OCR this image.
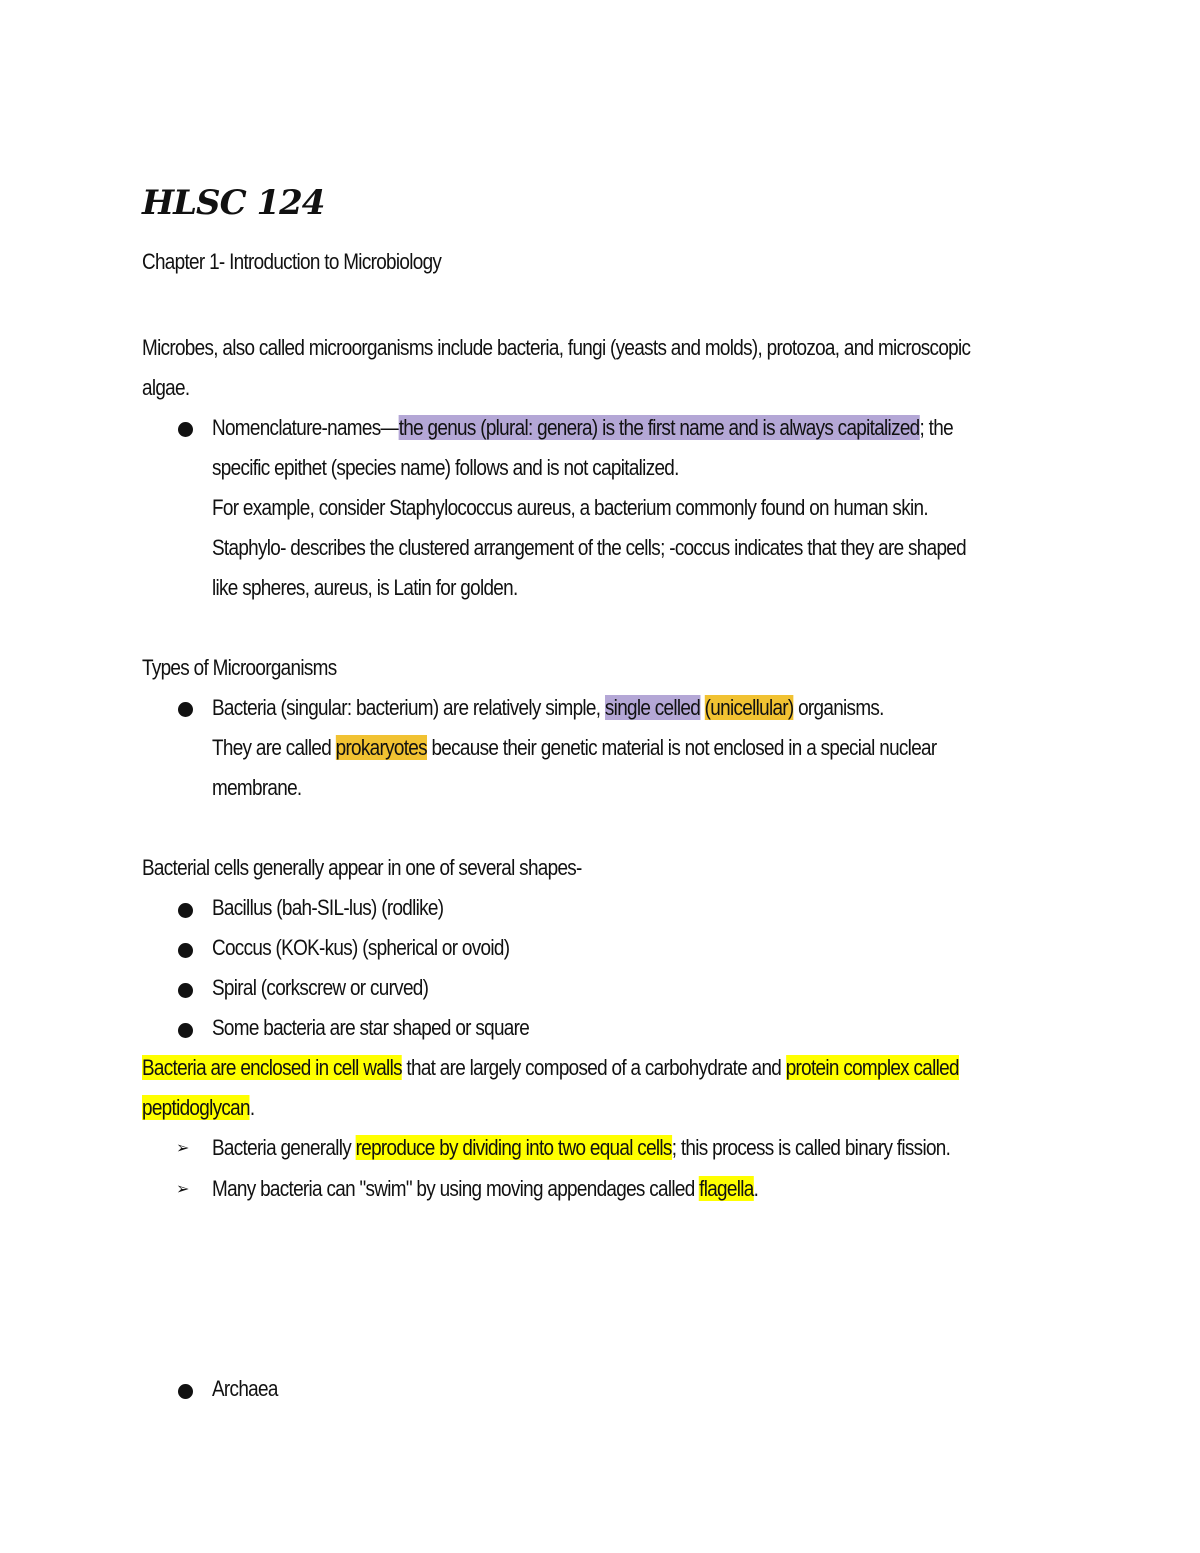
HLSC 124
Chapter 1- Introduction to Microbiology
Microbes, also called microorganisms include bacteria, fungi (yeasts and molds), protozoa, and microscopic
algae.
Nomenclature-names—the genus (plural: genera) is the first name and is always capitalized; the
specific epithet (species name) follows and is not capitalized.
For example, consider Staphylococcus aureus, a bacterium commonly found on human skin.
Staphylo- describes the clustered arrangement of the cells; -coccus indicates that they are shaped
like spheres, aureus, is Latin for golden.
Types of Microorganisms
Bacteria (singular: bacterium) are relatively simple, single celled (unicellular) organisms.
They are called prokaryotes because their genetic material is not enclosed in a special nuclear
membrane.
Bacterial cells generally appear in one of several shapes-
Bacillus (bah-SIL-lus) (rodlike)
Coccus (KOK-kus) (spherical or ovoid)
Spiral (corkscrew or curved)
Some bacteria are star shaped or square
Bacteria are enclosed in cell walls that are largely composed of a carbohydrate and protein complex called
peptidoglycan.
➢ Bacteria generally reproduce by dividing into two equal cells; this process is called binary fission.
➢ Many bacteria can "swim" by using moving appendages called flagella.
Archaea
